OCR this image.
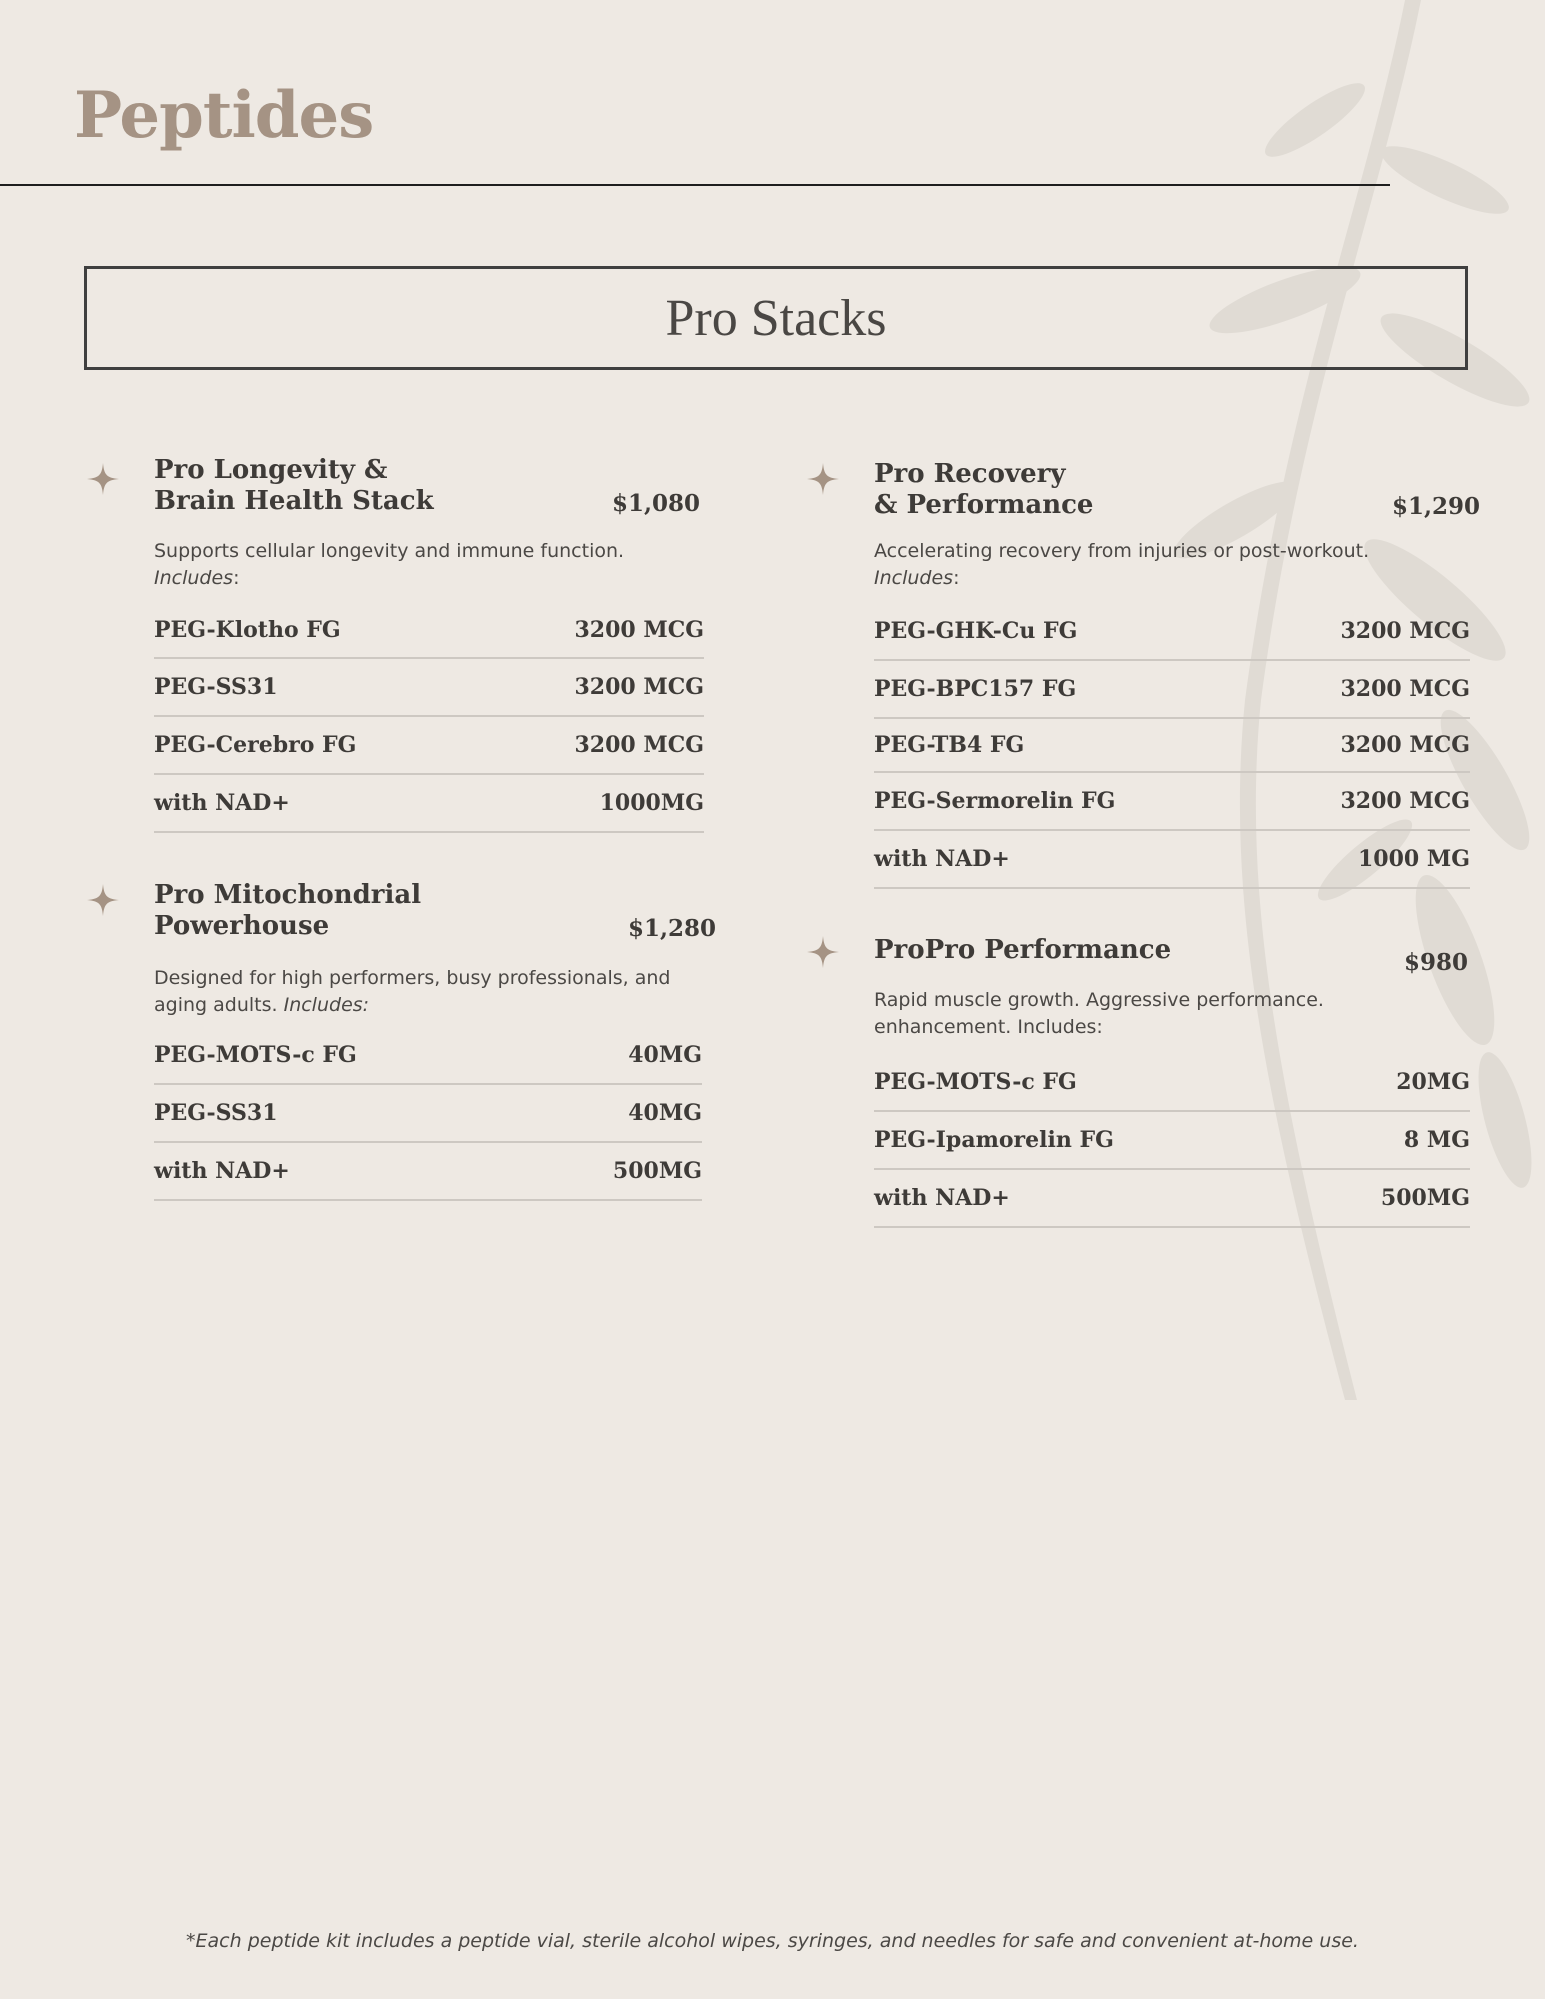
Peptides
Pro Stacks

Pro Longevity &

Brain Health Stack	$1,080

Supports cellular longevity and immune function.
Includes:

PEG-Klotho FG	3200 MCG
PEG-SS31	3200 MCG
PEG-Cerebro FG	3200 MCG
with NAD+	1000MG

Pro Mitochondrial

Powerhouse	$1,280

Designed for high performers, busy professionals, and aging adults. Includes:

PEG-MOTS-c FG	40MG
PEG-SS31	40MG
with NAD+	500MG

Pro Recovery

& Performance	$1,290

Accelerating recovery from injuries or post-workout.
Includes:

PEG-GHK-Cu FG	3200 MCG
PEG-BPC157 FG	3200 MCG
PEG-TB4 FG	3200 MCG
PEG-Sermorelin FG	3200 MCG
with NAD+	1000 MG

ProPro Performance	$980

Rapid muscle growth. Aggressive performance.
enhancement. Includes:

PEG-MOTS-c FG	20MG
PEG-Ipamorelin FG	8 MG
with NAD+	500MG

*Each peptide kit includes a peptide vial, sterile alcohol wipes, syringes, and needles for safe and convenient at-home use.
